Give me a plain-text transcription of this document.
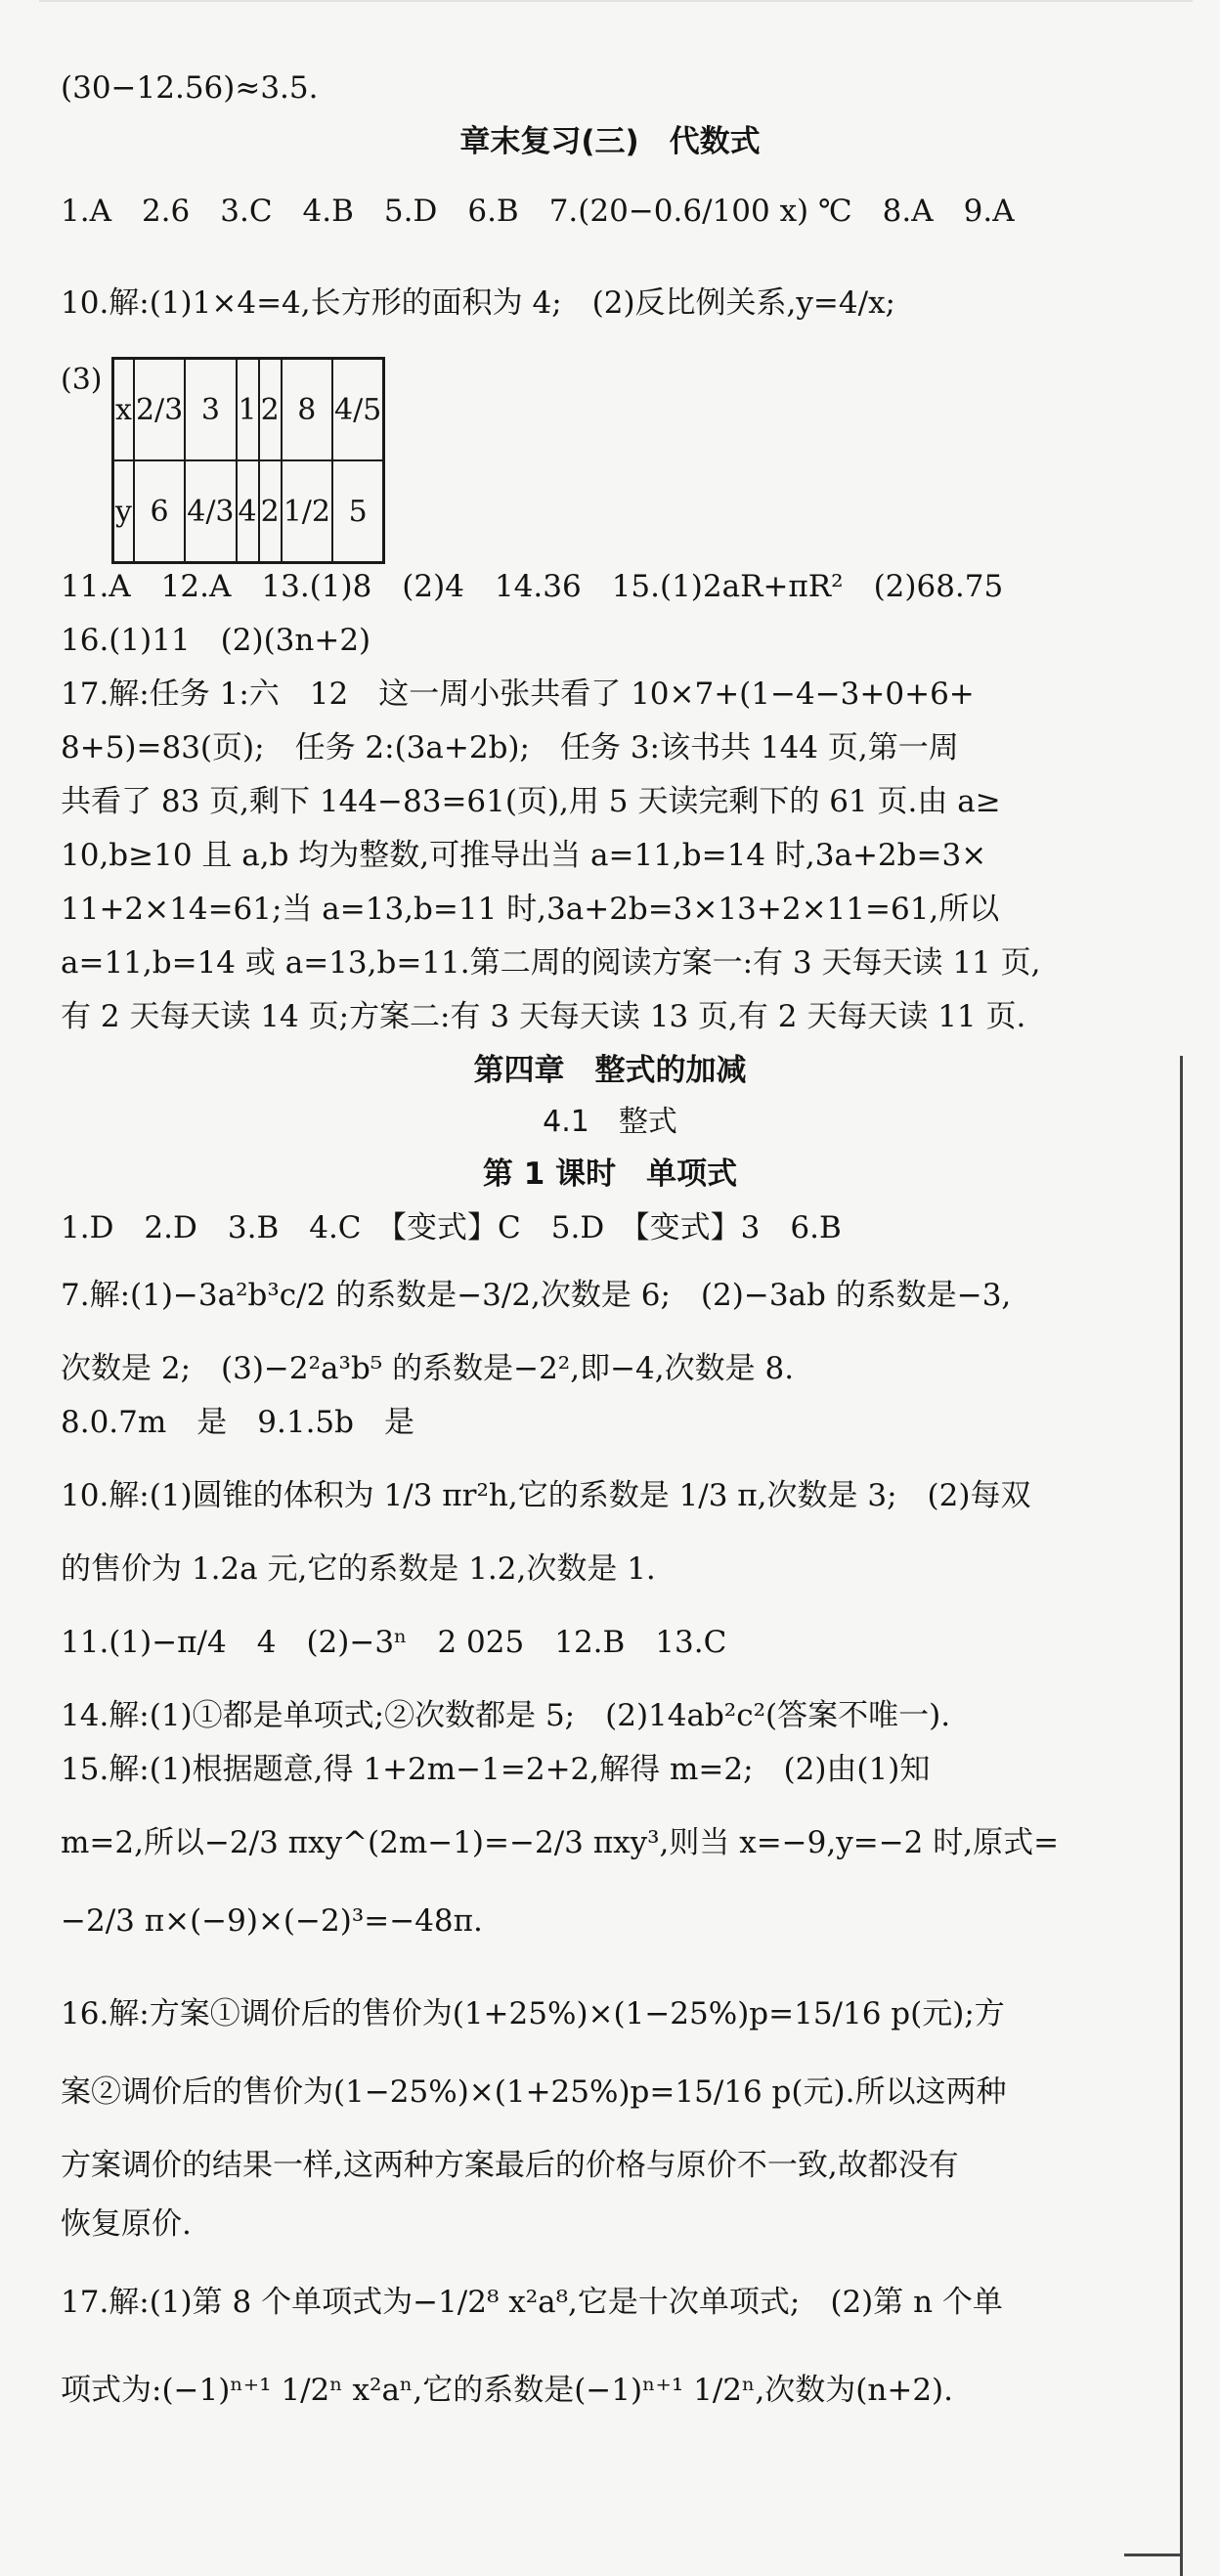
(30−12.56)≈3.5.
章末复习(三)　代数式
1.A　2.6　3.C　4.B　5.D　6.B　7.(20−0.6/100 x) ℃　8.A　9.A
10.解:(1)1×4=4,长方形的面积为 4;　(2)反比例关系,y=4/x;
(3)
x	2/3	3	1	2	8	4/5
y	6	4/3	4	2	1/2	5
11.A　12.A　13.(1)8　(2)4　14.36　15.(1)2aR+πR²　(2)68.75
16.(1)11　(2)(3n+2)
17.解:任务 1:六　12　这一周小张共看了 10×7+(1−4−3+0+6+
8+5)=83(页);　任务 2:(3a+2b);　任务 3:该书共 144 页,第一周
共看了 83 页,剩下 144−83=61(页),用 5 天读完剩下的 61 页.由 a≥
10,b≥10 且 a,b 均为整数,可推导出当 a=11,b=14 时,3a+2b=3×
11+2×14=61;当 a=13,b=11 时,3a+2b=3×13+2×11=61,所以
a=11,b=14 或 a=13,b=11.第二周的阅读方案一:有 3 天每天读 11 页,
有 2 天每天读 14 页;方案二:有 3 天每天读 13 页,有 2 天每天读 11 页.
第四章　整式的加减
4.1　整式
第 1 课时　单项式
1.D　2.D　3.B　4.C　【变式】C　5.D　【变式】3　6.B
7.解:(1)−3a²b³c/2 的系数是−3/2,次数是 6;　(2)−3ab 的系数是−3,
次数是 2;　(3)−2²a³b⁵ 的系数是−2²,即−4,次数是 8.
8.0.7m　是　9.1.5b　是
10.解:(1)圆锥的体积为 1/3 πr²h,它的系数是 1/3 π,次数是 3;　(2)每双
的售价为 1.2a 元,它的系数是 1.2,次数是 1.
11.(1)−π/4　4　(2)−3ⁿ　2 025　12.B　13.C
14.解:(1)①都是单项式;②次数都是 5;　(2)14ab²c²(答案不唯一).
15.解:(1)根据题意,得 1+2m−1=2+2,解得 m=2;　(2)由(1)知
m=2,所以−2/3 πxy^(2m−1)=−2/3 πxy³,则当 x=−9,y=−2 时,原式=
−2/3 π×(−9)×(−2)³=−48π.
16.解:方案①调价后的售价为(1+25%)×(1−25%)p=15/16 p(元);方
案②调价后的售价为(1−25%)×(1+25%)p=15/16 p(元).所以这两种
方案调价的结果一样,这两种方案最后的价格与原价不一致,故都没有
恢复原价.
17.解:(1)第 8 个单项式为−1/2⁸ x²a⁸,它是十次单项式;　(2)第 n 个单
项式为:(−1)ⁿ⁺¹ 1/2ⁿ x²aⁿ,它的系数是(−1)ⁿ⁺¹ 1/2ⁿ,次数为(n+2).
